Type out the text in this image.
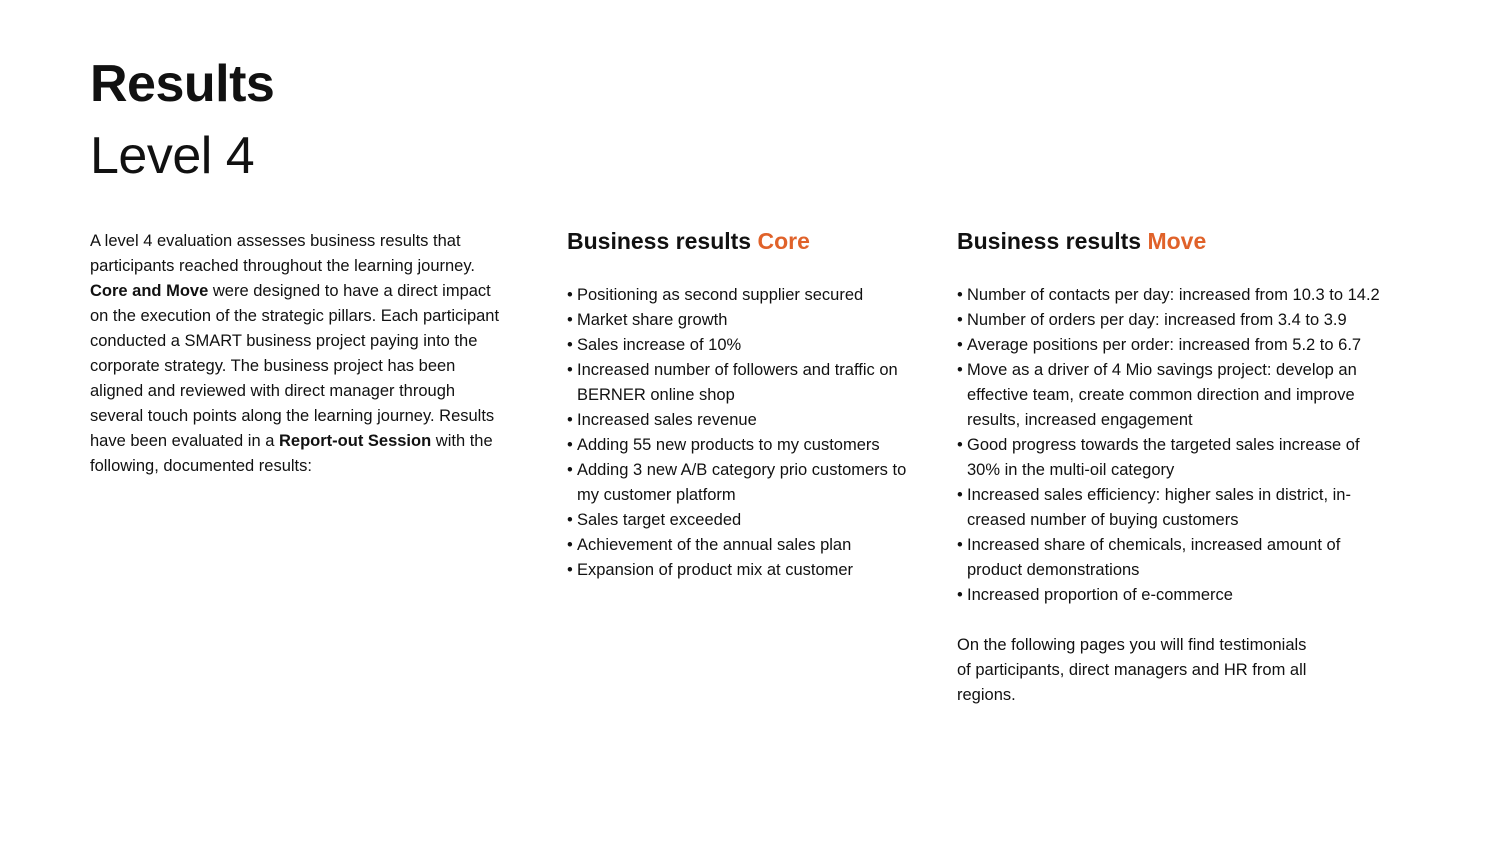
Results
Level 4

A level 4 evaluation assesses business results that participants reached throughout the learning journey. Core and Move were designed to have a direct impact on the execution of the strategic pillars. Each participant conducted a SMART business project paying into the corporate strategy. The business project has been aligned and reviewed with direct manager through several touch points along the learning journey. Results have been evaluated in a Report-out Session with the following, documented results:

Business results Core
• Positioning as second supplier secured
• Market share growth
• Sales increase of 10%
• Increased number of followers and traffic on BERNER online shop
• Increased sales revenue
• Adding 55 new products to my customers
• Adding 3 new A/B category prio customers to my customer platform
• Sales target exceeded
• Achievement of the annual sales plan
• Expansion of product mix at customer
Business results Move
• Number of contacts per day: increased from 10.3 to 14.2
• Number of orders per day: increased from 3.4 to 3.9
• Average positions per order: increased from 5.2 to 6.7
• Move as a driver of 4 Mio savings project: develop an effective team, create common direction and improve results, increased engagement
• Good progress towards the targeted sales increase of 30% in the multi-oil category
• Increased sales efficiency: higher sales in district, in-creased number of buying customers
• Increased share of chemicals, increased amount of product demonstrations
• Increased proportion of e-commerce

On the following pages you will find testimonials of participants, direct managers and HR from all regions.
